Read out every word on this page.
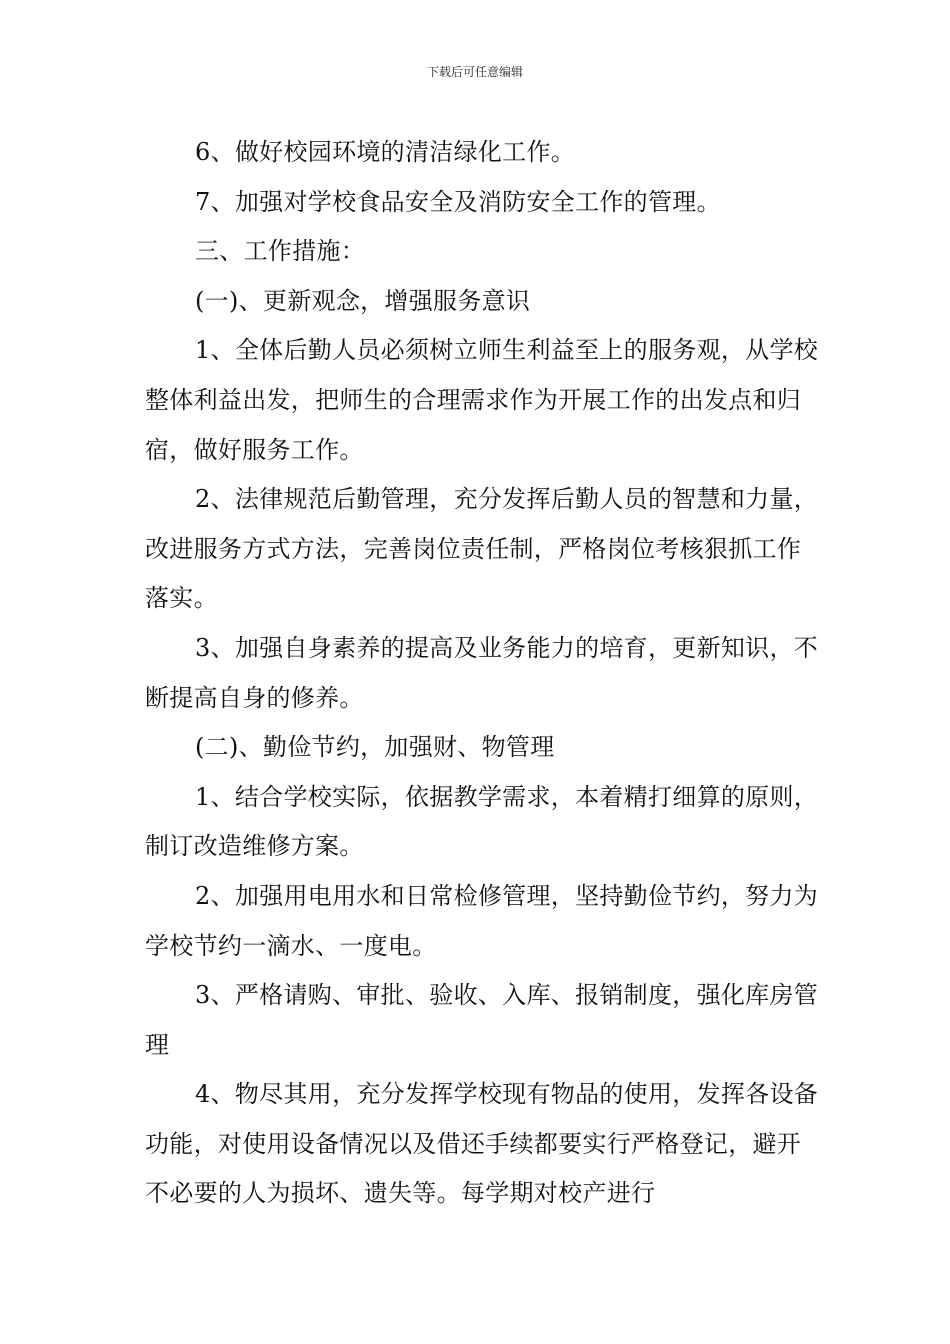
下载后可任意编辑

6、做好校园环境的清洁绿化工作。

7、加强对学校食品安全及消防安全工作的管理。

三、工作措施：

(一)、更新观念，增强服务意识

1、全体后勤人员必须树立师生利益至上的服务观，从学校整体利益出发，把师生的合理需求作为开展工作的出发点和归宿，做好服务工作。

2、法律规范后勤管理，充分发挥后勤人员的智慧和力量，改进服务方式方法，完善岗位责任制，严格岗位考核狠抓工作落实。

3、加强自身素养的提高及业务能力的培育，更新知识，不断提高自身的修养。

(二)、勤俭节约，加强财、物管理

1、结合学校实际，依据教学需求，本着精打细算的原则，制订改造维修方案。

2、加强用电用水和日常检修管理，坚持勤俭节约，努力为学校节约一滴水、一度电。

3、严格请购、审批、验收、入库、报销制度，强化库房管理

4、物尽其用，充分发挥学校现有物品的使用，发挥各设备功能，对使用设备情况以及借还手续都要实行严格登记，避开不必要的人为损坏、遗失等。每学期对校产进行
